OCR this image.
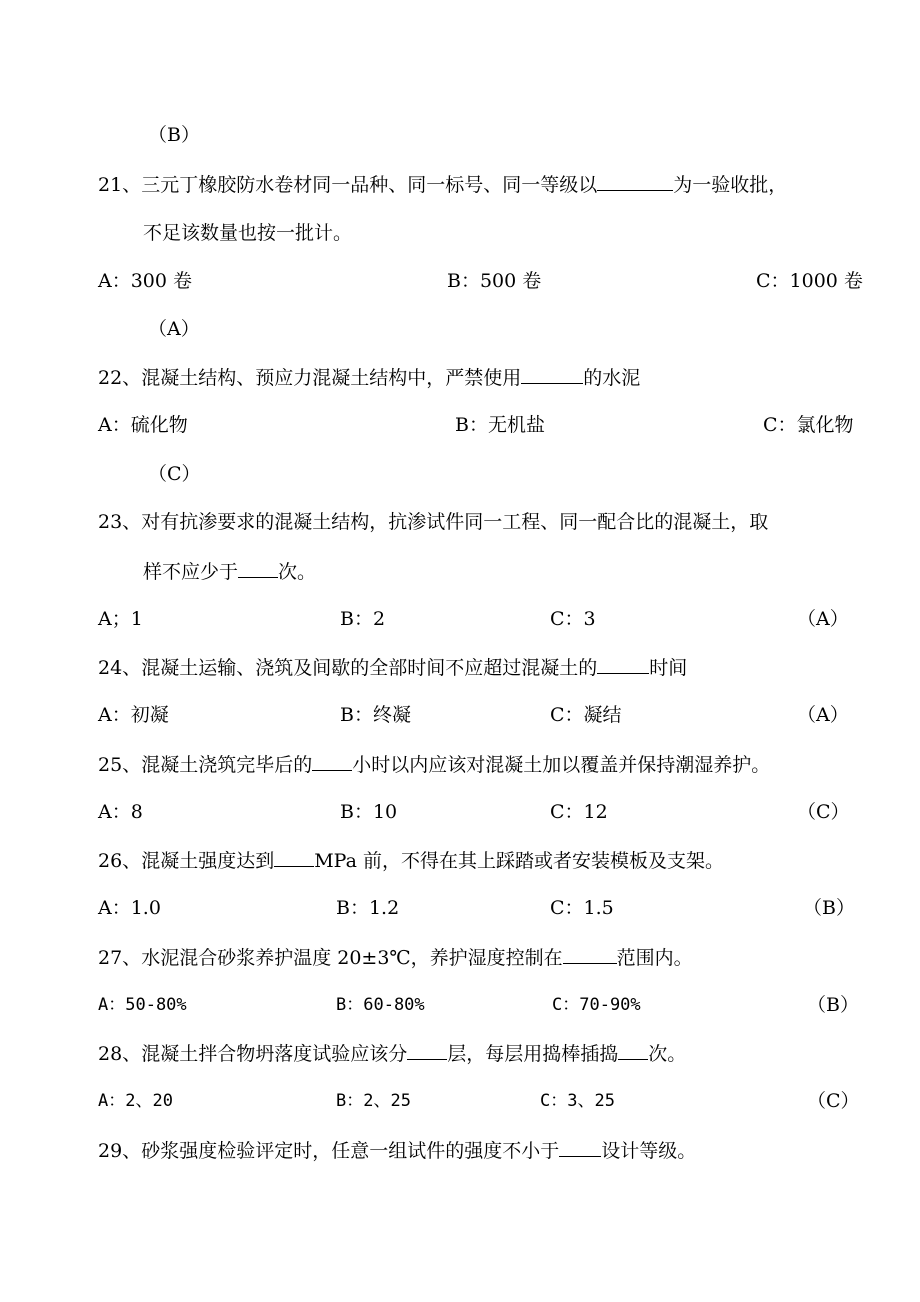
（B）
21、三元丁橡胶防水卷材同一品种、同一标号、同一等级以	为一验收批，
不足该数量也按一批计。
A：300 卷	B：500 卷	C：1000 卷
（A）
22、混凝土结构、预应力混凝土结构中，严禁使用	的水泥
A：硫化物	B：无机盐	C：氯化物
（C）
23、对有抗渗要求的混凝土结构，抗渗试件同一工程、同一配合比的混凝土，取
样不应少于 次。
A；1	B：2	C：3	（A）
24、混凝土运输、浇筑及间歇的全部时间不应超过混凝土的	时间
A：初凝	B：终凝	C：凝结	（A）
25、混凝土浇筑完毕后的 小时以内应该对混凝土加以覆盖并保持潮湿养护。
A：8	B：10	C：12	（C）
26、混凝土强度达到 MPa 前，不得在其上踩踏或者安装模板及支架。
A：1.0	B：1.2	C：1.5	（B）
27、水泥混合砂浆养护温度 20±3℃，养护湿度控制在	范围内。
A：50-80%	B：60-80%	C：70-90%	（B）
28、混凝土拌合物坍落度试验应该分 层，每层用捣棒插捣 次。
A：2、20	B：2、25	C：3、25	（C）
29、砂浆强度检验评定时，任意一组试件的强度不小于 设计等级。
